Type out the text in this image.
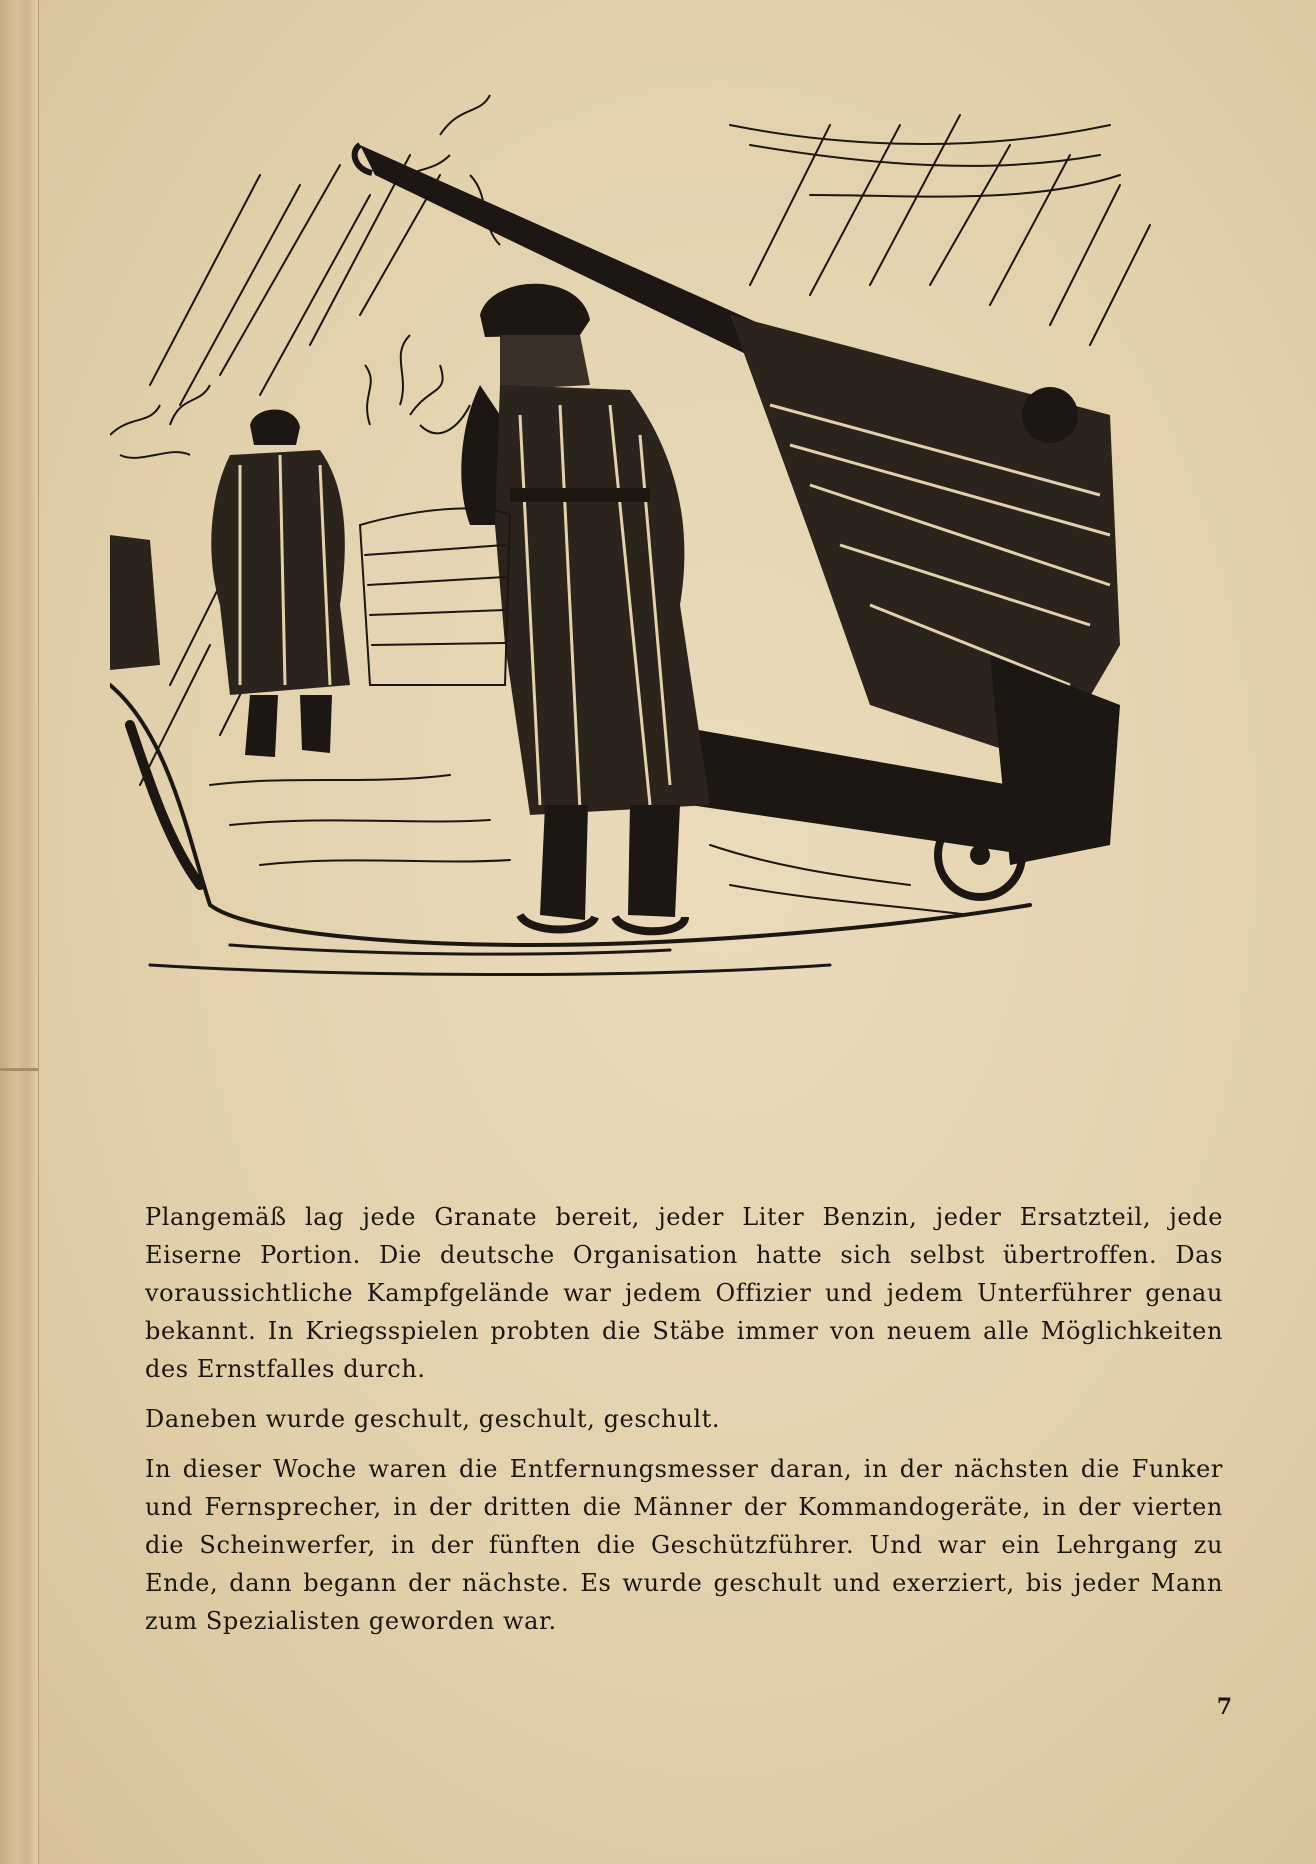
Plangemäß lag jede Granate bereit, jeder Liter Benzin, jeder Ersatzteil, jede Eiserne Portion. Die deutsche Organisation hatte sich selbst übertroffen. Das voraussichtliche Kampfgelände war jedem Offizier und jedem Unterführer genau bekannt. In Kriegsspielen probten die Stäbe immer von neuem alle Möglichkeiten des Ernstfalles durch.

Daneben wurde geschult, geschult, geschult.

In dieser Woche waren die Entfernungsmesser daran, in der nächsten die Funker und Fernsprecher, in der dritten die Männer der Kommandogeräte, in der vierten die Scheinwerfer, in der fünften die Geschützführer. Und war ein Lehrgang zu Ende, dann begann der nächste. Es wurde geschult und exerziert, bis jeder Mann zum Spezialisten geworden war.

7
